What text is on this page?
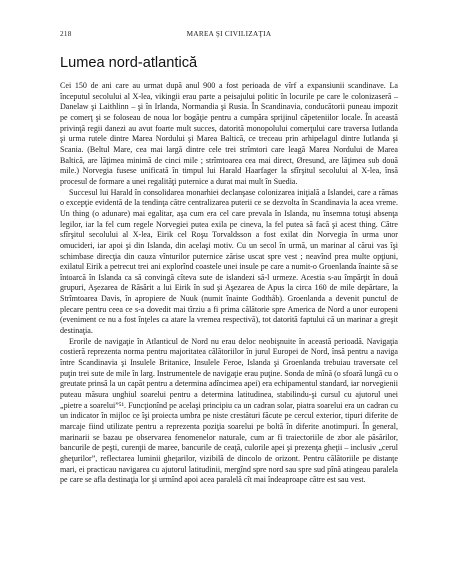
218	MAREA ŞI CIVILIZAŢIA
Lumea nord-atlantică

Cei 150 de ani care au urmat după anul 900 a fost perioada de vîrf a expansiunii scandinave. La începutul secolului al X-lea, vikingii erau parte a peisajului politic în locurile pe care le colonizaseră – Danelaw şi Laithlinn – şi în Irlanda, Normandia şi Rusia. În Scandinavia, conducătorii puneau impozit pe comerţ şi se foloseau de noua lor bogăţie pentru a cumpăra sprijinul căpeteniilor locale. În această privinţă regii danezi au avut foarte mult succes, datorită monopolului comerţului care traversa Iutlanda şi urma rutele dintre Marea Nordului şi Marea Baltică, ce treceau prin arhipelagul dintre Iutlanda şi Scania. (Beltul Mare, cea mai largă dintre cele trei strîmtori care leagă Marea Nordului de Marea Baltică, are lăţimea minimă de cinci mile ; strîmtoarea cea mai direct, Øresund, are lăţimea sub două mile.) Norvegia fusese unificată în timpul lui Harald Haarfager la sfîrşitul secolului al X-lea, însă procesul de formare a unei regalităţi puternice a durat mai mult în Suedia.

Succesul lui Harald în consolidarea monarhiei declanşase colonizarea iniţială a Islandei, care a rămas o excepţie evidentă de la tendinţa către centralizarea puterii ce se dezvolta în Scandinavia la acea vreme. Un thing (o adunare) mai egalitar, aşa cum era cel care prevala în Islanda, nu însemna totuşi absenţa legilor, iar la fel cum regele Norvegiei putea exila pe cineva, la fel putea să facă şi acest thing. Către sfîrşitul secolului al X-lea, Eirik cel Roşu Torvaldsson a fost exilat din Norvegia în urma unor omucideri, iar apoi şi din Islanda, din acelaşi motiv. Cu un secol în urmă, un marinar al cărui vas îşi schimbase direcţia din cauza vînturilor puternice zărise uscat spre vest ; neavînd prea multe opţiuni, exilatul Eirik a petrecut trei ani explorînd coastele unei insule pe care a numit-o Groenlanda înainte să se întoarcă în Islanda ca să convingă cîteva sute de islandezi să-l urmeze. Acestia s-au împărţit în două grupuri, Aşezarea de Răsărit a lui Eirik în sud şi Aşezarea de Apus la circa 160 de mile depărtare, la Strîmtoarea Davis, în apropiere de Nuuk (numit înainte Godthåb). Groenlanda a devenit punctul de plecare pentru ceea ce s-a dovedit mai tîrziu a fi prima călătorie spre America de Nord a unor europeni (eveniment ce nu a fost înţeles ca atare la vremea respectivă), tot datorită faptului că un marinar a greşit destinaţia.

Erorile de navigaţie în Atlanticul de Nord nu erau deloc neobişnuite în această perioadă. Navigaţia costieră reprezenta norma pentru majoritatea călătoriilor în jurul Europei de Nord, însă pentru a naviga între Scandinavia şi Insulele Britanice, Insulele Feroe, Islanda şi Groenlanda trebuiau traversate cel puţin trei sute de mile în larg. Instrumentele de navigaţie erau puţine. Sonda de mînă (o sfoară lungă cu o greutate prinsă la un capăt pentru a determina adîncimea apei) era echipamentul standard, iar norvegienii puteau măsura unghiul soarelui pentru a determina latitudinea, stabilindu-şi cursul cu ajutorul unei „pietre a soarelui”⁵¹. Funcţionînd pe acelaşi principiu ca un cadran solar, piatra soarelui era un cadran cu un indicator în mijloc ce îşi proiecta umbra pe niste crestături făcute pe cercul exterior, tipuri diferite de marcaje fiind utilizate pentru a reprezenta poziţia soarelui pe boltă în diferite anotimpuri. În general, marinarii se bazau pe observarea fenomenelor naturale, cum ar fi traiectoriile de zbor ale păsărilor, bancurile de peşti, curenţii de maree, bancurile de ceaţă, culorile apei şi prezenţa gheţii – inclusiv „cerul gheţurilor”, reflectarea luminii gheţarilor, vizibilă de dincolo de orizont. Pentru călătoriile pe distanţe mari, ei practicau navigarea cu ajutorul latitudinii, mergînd spre nord sau spre sud pînă atingeau paralela pe care se afla destinaţia lor şi urmînd apoi acea paralelă cît mai îndeaproape către est sau vest.
